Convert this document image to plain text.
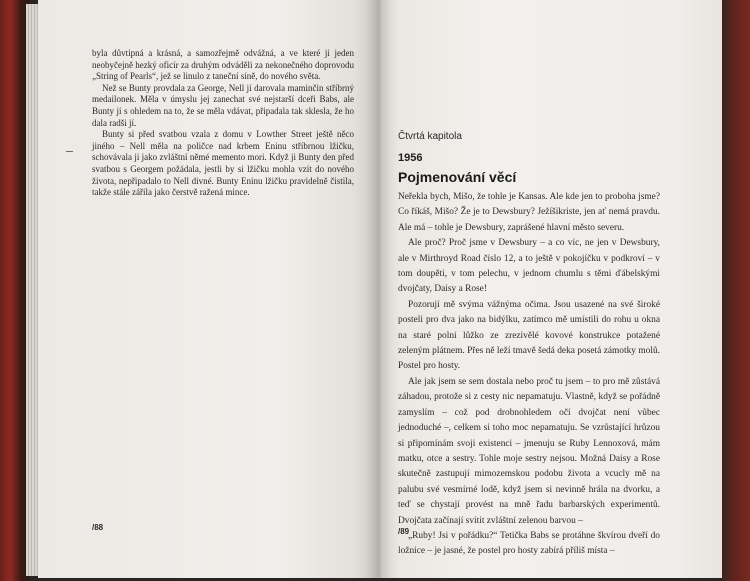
byla důvtipná a krásná, a samozřejmě odvážná, a ve které ji jeden neobyčejně hezký oficír za druhým odváděli za nekonečného doprovodu „String of Pearls“, jež se linulo z taneční síně, do nového světa.

Než se Bunty provdala za George, Nell jí darovala maminčin stříbrný medailonek. Měla v úmyslu jej zanechat své nejstarší dceři Babs, ale Bunty jí s ohledem na to, že se měla vdávat, připadala tak sklesla, že ho dala radši jí.

Bunty si před svatbou vzala z domu v Lowther Street ještě něco jiného – Nell měla na poličce nad krbem Eninu stříbrnou lžičku, schovávala ji jako zvláštní němé memento mori. Když ji Bunty den před svatbou s Georgem požádala, jestli by si lžičku mohla vzít do nového života, nepřipadalo to Nell divné. Bunty Eninu lžičku pravidelně čistila, takže stále zářila jako čerstvě ražená mince.

/88
Čtvrtá kapitola
1956
Pojmenování věcí

Neřekla bych, Mišo, že tohle je Kansas. Ale kde jen to proboha jsme? Co říkáš, Mišo? Že je to Dewsbury? Ježíšikriste, jen ať nemá pravdu. Ale má – tohle je Dewsbury, zaprášené hlavní město severu.

Ale proč? Proč jsme v Dewsbury – a co víc, ne jen v Dewsbury, ale v Mirthroyd Road číslo 12, a to ještě v pokojíčku v podkroví – v tom doupěti, v tom pelechu, v jednom chumlu s těmi ďábelskými dvojčaty, Daisy a Rose!

Pozorují mě svýma vážnýma očima. Jsou usazené na své široké posteli pro dva jako na bidýlku, zatímco mě umístili do rohu u okna na staré polní lůžko ze zrezivělé kovové konstrukce potažené zeleným plátnem. Přes ně leží tmavě šedá deka posetá zámotky molů. Postel pro hosty.

Ale jak jsem se sem dostala nebo proč tu jsem – to pro mě zůstává záhadou, protože si z cesty nic nepamatuju. Vlastně, když se pořádně zamyslím – což pod drobnohledem očí dvojčat není vůbec jednoduché –, celkem si toho moc nepamatuju. Se vzrůstající hrůzou si připomínám svoji existenci – jmenuju se Ruby Lennoxová, mám matku, otce a sestry. Tohle moje sestry nejsou. Možná Daisy a Rose skutečně zastupují mimozemskou podobu života a vcucly mě na palubu své vesmírné lodě, když jsem si nevinně hrála na dvorku, a teď se chystají provést na mně řadu barbarských experimentů. Dvojčata začínají svítit zvláštní zelenou barvou –

„Ruby! Jsi v pořádku?“ Tetička Babs se protáhne škvírou dveří do ložnice – je jasné, že postel pro hosty zabírá příliš místa –

/89
